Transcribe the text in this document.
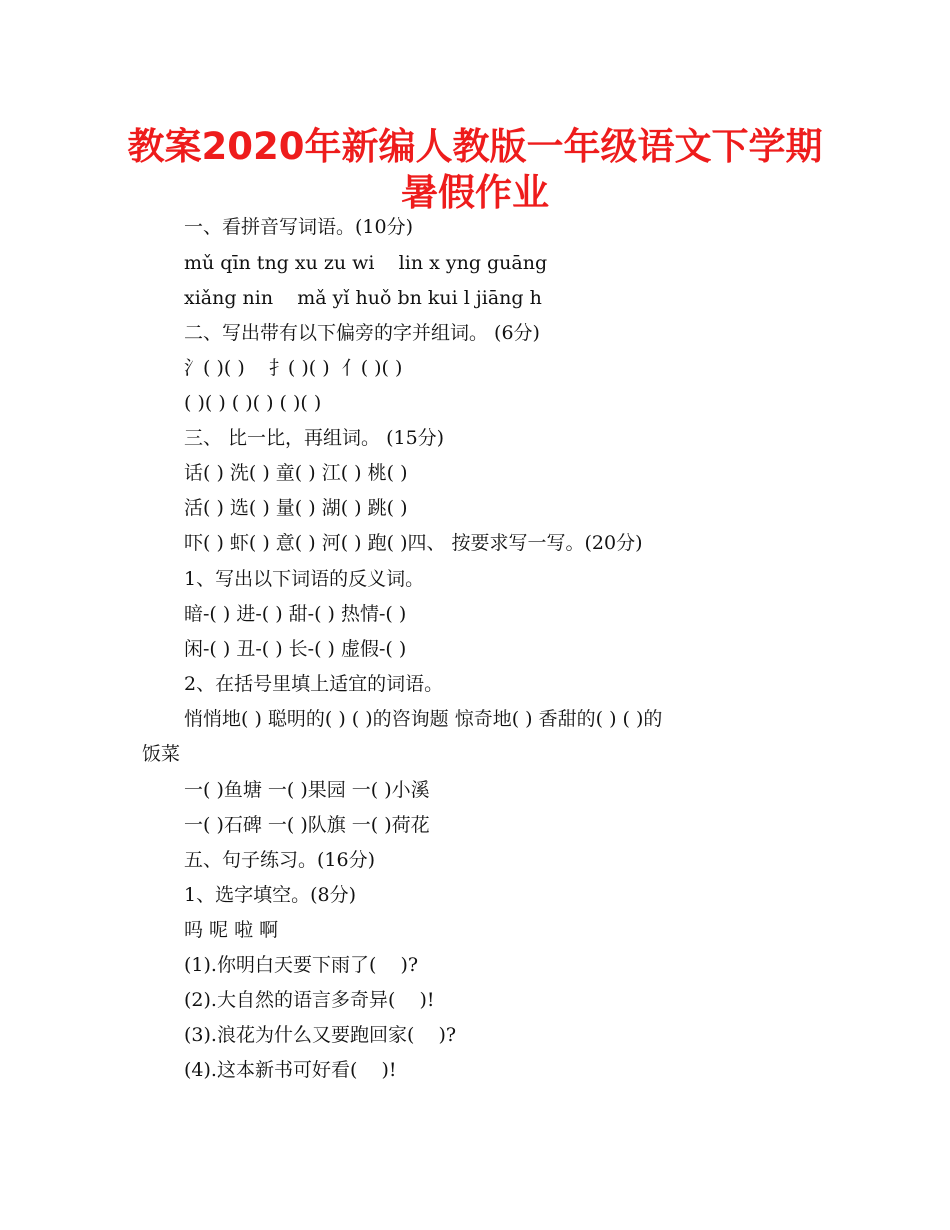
教案2020年新编人教版一年级语文下学期
暑假作业
一、看拼音写词语。(10分)
mǔ qīn tng xu zu wi    lin x yng guāng
xiǎng nin    mǎ yǐ huǒ bn kui l jiāng h
二、写出带有以下偏旁的字并组词。 (6分)
氵( )( )    扌( )( )  亻( )( )
( )( ) ( )( ) ( )( )
三、 比一比，再组词。 (15分)
话( ) 洗( ) 童( ) 江( ) 桃( )
活( ) 选( ) 量( ) 湖( ) 跳( )
吓( ) 虾( ) 意( ) 河( ) 跑( )四、 按要求写一写。(20分)
1、写出以下词语的反义词。
暗-( ) 进-( ) 甜-( ) 热情-( )
闲-( ) 丑-( ) 长-( ) 虚假-( )
2、在括号里填上适宜的词语。
悄悄地( ) 聪明的( ) ( )的咨询题 惊奇地( ) 香甜的( ) ( )的
饭菜
一( )鱼塘 一( )果园 一( )小溪
一( )石碑 一( )队旗 一( )荷花
五、句子练习。(16分)
1、选字填空。(8分)
吗 呢 啦 啊
(1).你明白天要下雨了(    )?
(2).大自然的语言多奇异(    )!
(3).浪花为什么又要跑回家(    )?
(4).这本新书可好看(    )!
